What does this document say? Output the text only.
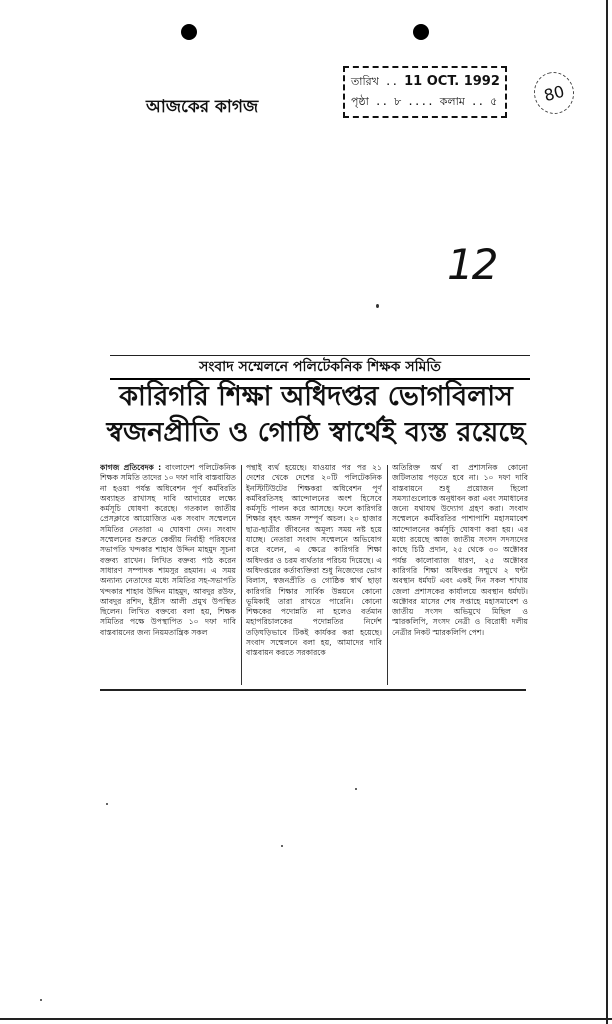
আজকের কাগজ
তারিখ .. 11 OCT. 1992
পৃষ্ঠা .. ৮ .... কলাম .. ৫	80
12
সংবাদ সম্মেলনে পলিটেকনিক শিক্ষক সমিতি
কারিগরি শিক্ষা অধিদপ্তর ভোগবিলাস
স্বজনপ্রীতি ও গোষ্ঠি স্বার্থেই ব্যস্ত রয়েছে
কাগজ প্রতিবেদক : বাংলাদেশ পলিটেকনিক শিক্ষক সমিতি তাদের ১০ দফা দাবি বাস্তবায়িত না হওয়া পর্যন্ত অধিবেশন পূর্ণ কর্মবিরতি অব্যাহত রাখাসহ দাবি আদায়ের লক্ষ্যে কর্মসূচি ঘোষণা করেছে। গতকাল জাতীয় প্রেসক্লাবে আয়োজিত এক সংবাদ সম্মেলনে সমিতির নেতারা এ ঘোষণা দেন। সংবাদ সম্মেলনের শুরুতে কেন্দ্রীয় নির্বাহী পরিষদের সভাপতি খন্দকার শাহাব উদ্দিন মাহমুদ সূচনা বক্তব্য রাখেন। লিখিত বক্তব্য পাঠ করেন সাধারণ সম্পাদক শামসুর রহমান। এ সময় অন্যান্য নেতাদের মধ্যে সমিতির সহ-সভাপতি খন্দকার শাহাব উদ্দিন মাহমুদ, আবদুর রউফ, আবদুর রশিদ, ইদ্রীস আলী প্রমুখ উপস্থিত ছিলেন। লিখিত বক্তব্যে বলা হয়, শিক্ষক সমিতির পক্ষে উপস্থাপিত ১০ দফা দাবি বাস্তবায়নের জন্য নিয়মতান্ত্রিক সকল
পন্থাই ব্যর্থ হয়েছে। যাওয়ার পর পর ২১ দেশের খেকে দেশের ২০টি পলিটেকনিক ইনস্টিটিউটের শিক্ষকরা অধিবেশন পূর্ণ কর্মবিরতিসহ আন্দোলনের অংশ হিসেবে কর্মসূচি পালন করে আসছে। ফলে কারিগরি শিক্ষার বৃহৎ অঙ্গন সম্পূর্ণ অচল। ২০ হাজার ছাত্র-ছাত্রীর জীবনের অমূল্য সময় নষ্ট হয়ে যাচ্ছে। নেতারা সংবাদ সম্মেলনে অভিযোগ করে বলেন, এ ক্ষেত্রে কারিগরি শিক্ষা অধিদপ্তর ও চরম ব্যর্থতার পরিচয় দিয়েছে। এ অধিদপ্তরের কর্তাব্যক্তিরা শুধু নিজেদের ভোগ বিলাস, স্বজনপ্রীতি ও গোষ্ঠিক স্বার্থ ছাড়া কারিগরি শিক্ষার সার্বিক উন্নয়নে কোনো ভূমিকাই তারা রাখতে পারেনি। কোনো শিক্ষকের পদোন্নতি না হলেও বর্তমান মহাপরিচালকের পদোন্নতির নির্দেশ তড়িঘড়িভাবে টিকই কার্যকর করা হয়েছে। সংবাদ সম্মেলনে বলা হয়, আমাদের দাবি বাস্তবায়ন করতে সরকারকে
অতিরিক্ত অর্থ বা প্রশাসনিক কোনো জটিলতায় পড়তে হবে না। ১০ দফা দাবি বাস্তবায়নে শুধু প্রয়োজন ছিলো সমস্যাগুলোকে অনুধাবন করা এবং সমাধানের জন্যে যথাযথ উদ্যোগ গ্রহণ করা। সংবাদ সম্মেলনে কর্মবিরতির পাশাপাশি মহাসমাবেশ আন্দোলনের কর্মসূচি ঘোষণা করা হয়। এর মধ্যে রয়েছে আজ জাতীয় সংসদ সদস্যদের কাছে চিঠি প্রদান, ২৫ থেকে ৩০ অক্টোবর পর্যন্ত কালোব্যাজ ধারণ, ২৫ অক্টোবর কারিগরি শিক্ষা অধিদপ্তর সম্মুখে ২ ঘন্টা অবস্থান ধর্মঘট এবং একই দিন সকল শাখায় জেলা প্রশাসকের কার্যালয়ে অবস্থান ধর্মঘট। অক্টোবর মাসের শেষ সপ্তাহে মহাসমাবেশ ও জাতীয় সংসদ অভিমুখে মিছিল ও স্মারকলিপি, সংসদ নেত্রী ও বিরোধী দলীয় নেত্রীর নিকট স্মারকলিপি পেশ।
